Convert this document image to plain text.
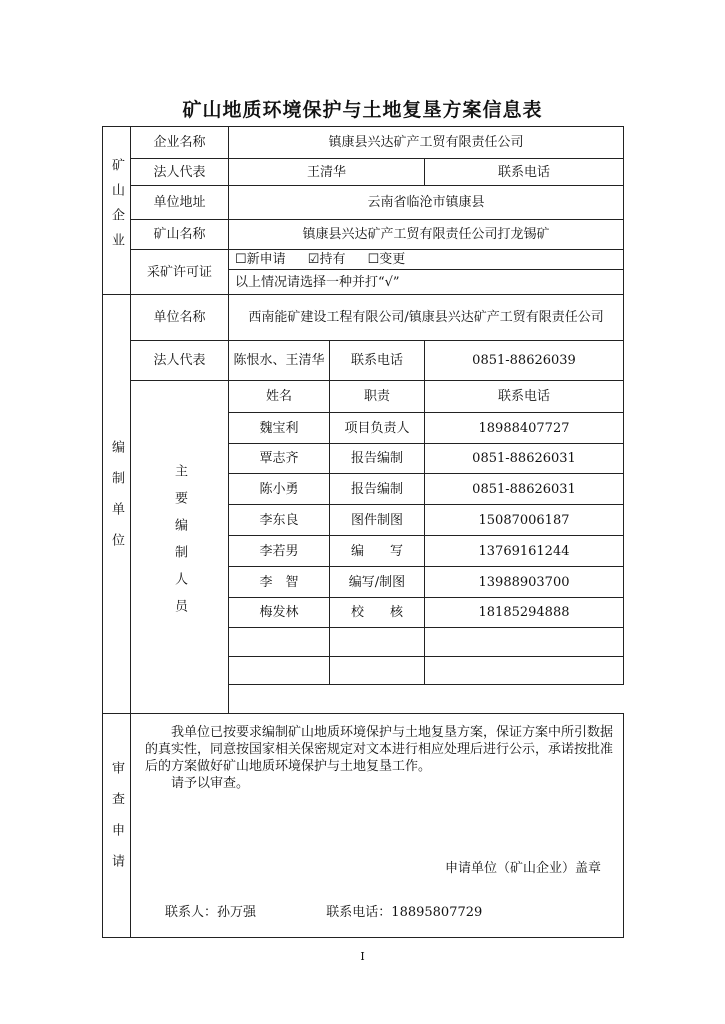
矿山地质环境保护与土地复垦方案信息表
矿山企业	企业名称	镇康县兴达矿产工贸有限责任公司		
	法人代表	王清华		联系电话
	单位地址	云南省临沧市镇康县		
	矿山名称	镇康县兴达矿产工贸有限责任公司打龙锡矿		
	采矿许可证	☐新申请 ☑持有 ☐变更		
		以上情况请选择一种并打“√”		
编制单位	单位名称	西南能矿建设工程有限公司/镇康县兴达矿产工贸有限责任公司		
	法人代表	陈恨水、王清华	联系电话	0851-88626039
	主要编制人员	姓名	职责	联系电话
		魏宝利	项目负责人	18988407727
		覃志齐	报告编制	0851-88626031
		陈小勇	报告编制	0851-88626031
		李东良	图件制图	15087006187
		李若男	编　　写	13769161244
		李　智	编写/制图	13988903700
		梅发林	校　　核	18185294888

审查申请	我单位已按要求编制矿山地质环境保护与土地复垦方案，保证方案中所引数据的真实性，同意按国家相关保密规定对文本进行相应处理后进行公示，承诺按批准后的方案做好矿山地质环境保护与土地复垦工作。

请予以审查。

申请单位（矿山企业）盖章
联系人：孙万强 联系电话：18895807729			
I
